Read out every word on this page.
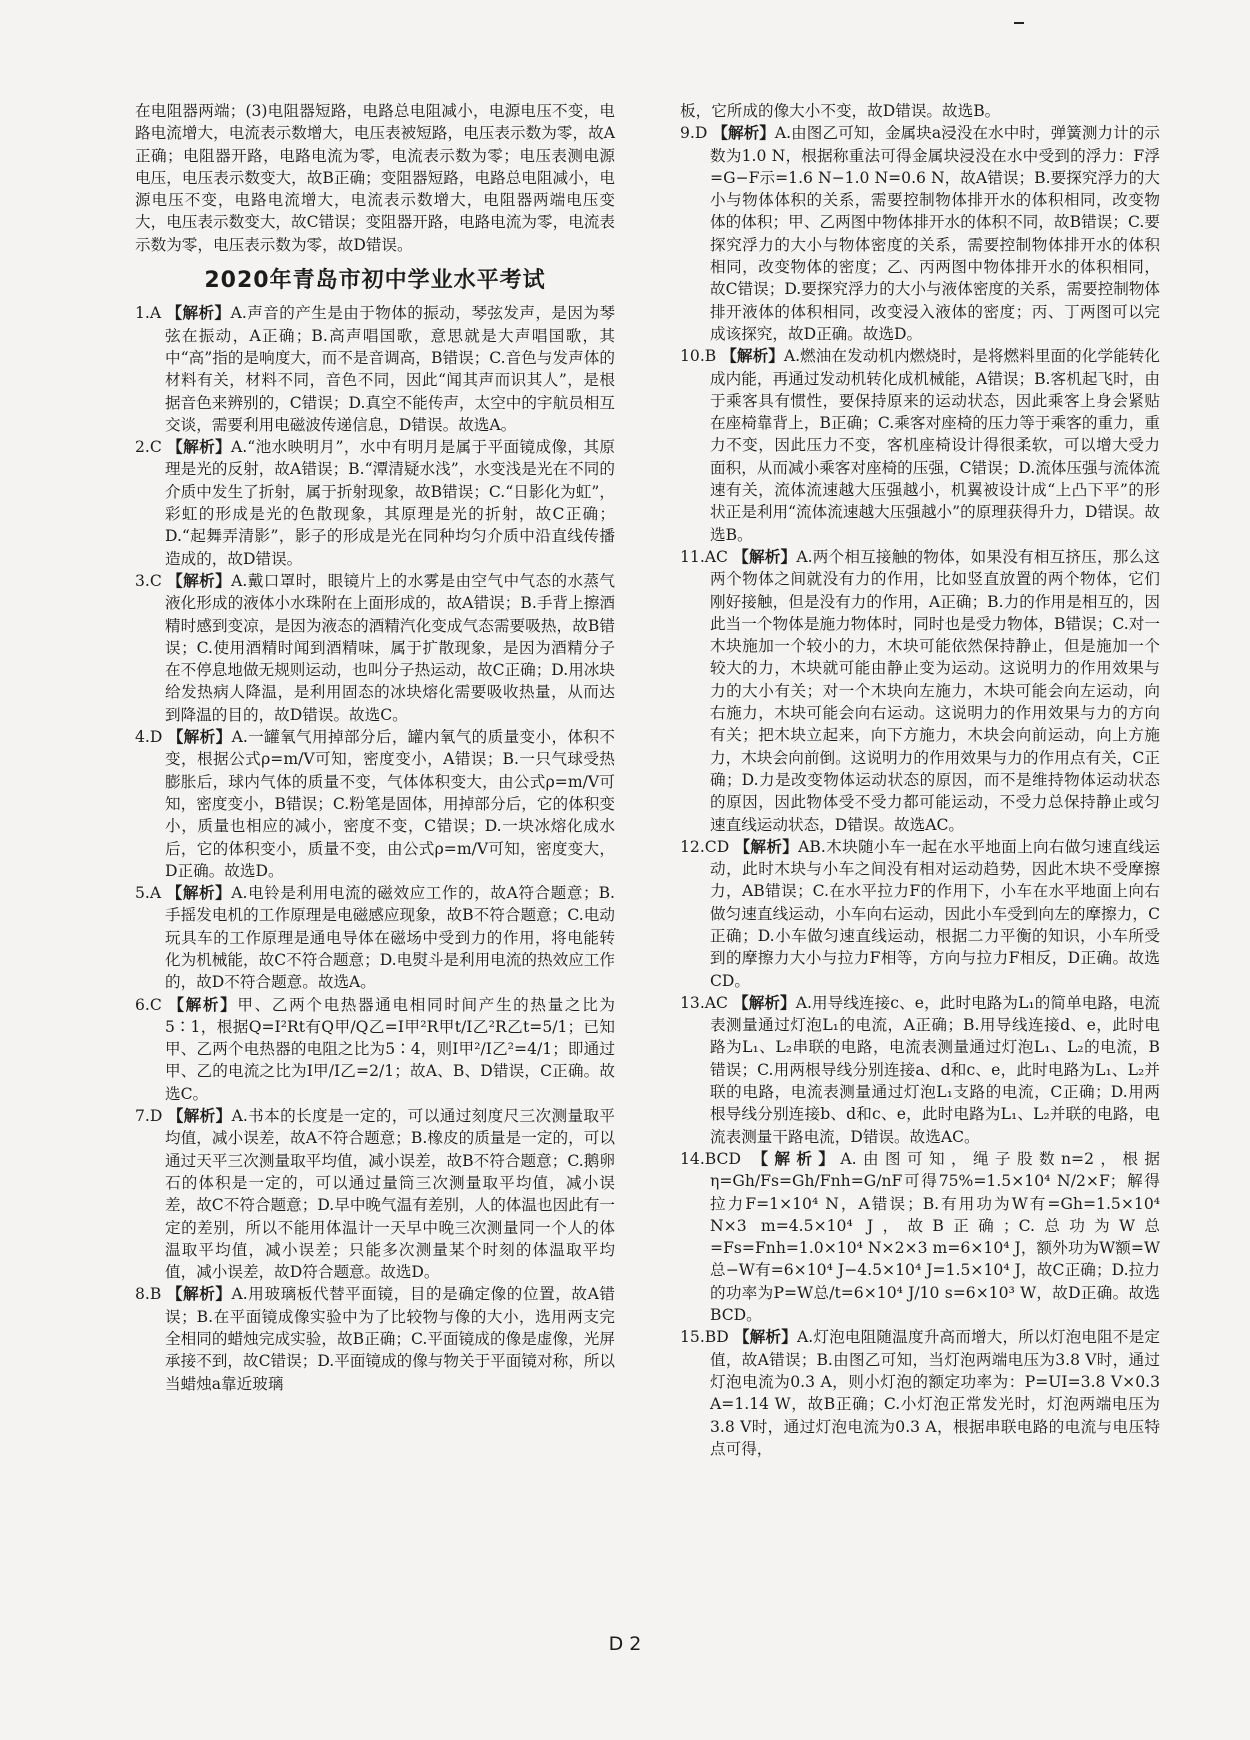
在电阻器两端；(3)电阻器短路，电路总电阻减小，电源电压不变，电路电流增大，电流表示数增大，电压表被短路，电压表示数为零，故A正确；电阻器开路，电路电流为零，电流表示数为零；电压表测电源电压，电压表示数变大，故B正确；变阻器短路，电路总电阻减小，电源电压不变，电路电流增大，电流表示数增大，电阻器两端电压变大，电压表示数变大，故C错误；变阻器开路，电路电流为零，电流表示数为零，电压表示数为零，故D错误。

2020年青岛市初中学业水平考试

1.A 【解析】A.声音的产生是由于物体的振动，琴弦发声，是因为琴弦在振动，A正确；B.高声唱国歌，意思就是大声唱国歌，其中“高”指的是响度大，而不是音调高，B错误；C.音色与发声体的材料有关，材料不同，音色不同，因此“闻其声而识其人”，是根据音色来辨别的，C错误；D.真空不能传声，太空中的宇航员相互交谈，需要利用电磁波传递信息，D错误。故选A。

2.C 【解析】A.“池水映明月”，水中有明月是属于平面镜成像，其原理是光的反射，故A错误；B.“潭清疑水浅”，水变浅是光在不同的介质中发生了折射，属于折射现象，故B错误；C.“日影化为虹”，彩虹的形成是光的色散现象，其原理是光的折射，故C正确；D.“起舞弄清影”，影子的形成是光在同种均匀介质中沿直线传播造成的，故D错误。

3.C 【解析】A.戴口罩时，眼镜片上的水雾是由空气中气态的水蒸气液化形成的液体小水珠附在上面形成的，故A错误；B.手背上擦酒精时感到变凉，是因为液态的酒精汽化变成气态需要吸热，故B错误；C.使用酒精时闻到酒精味，属于扩散现象，是因为酒精分子在不停息地做无规则运动，也叫分子热运动，故C正确；D.用冰块给发热病人降温，是利用固态的冰块熔化需要吸收热量，从而达到降温的目的，故D错误。故选C。

4.D 【解析】A.一罐氧气用掉部分后，罐内氧气的质量变小，体积不变，根据公式ρ=m/V可知，密度变小，A错误；B.一只气球受热膨胀后，球内气体的质量不变，气体体积变大，由公式ρ=m/V可知，密度变小，B错误；C.粉笔是固体，用掉部分后，它的体积变小，质量也相应的减小，密度不变，C错误；D.一块冰熔化成水后，它的体积变小，质量不变，由公式ρ=m/V可知，密度变大，D正确。故选D。

5.A 【解析】A.电铃是利用电流的磁效应工作的，故A符合题意；B.手摇发电机的工作原理是电磁感应现象，故B不符合题意；C.电动玩具车的工作原理是通电导体在磁场中受到力的作用，将电能转化为机械能，故C不符合题意；D.电熨斗是利用电流的热效应工作的，故D不符合题意。故选A。

6.C 【解析】甲、乙两个电热器通电相同时间产生的热量之比为5∶1，根据Q=I²Rt有Q甲/Q乙=I甲²R甲t/I乙²R乙t=5/1；已知甲、乙两个电热器的电阻之比为5∶4，则I甲²/I乙²=4/1；即通过甲、乙的电流之比为I甲/I乙=2/1；故A、B、D错误，C正确。故选C。

7.D 【解析】A.书本的长度是一定的，可以通过刻度尺三次测量取平均值，减小误差，故A不符合题意；B.橡皮的质量是一定的，可以通过天平三次测量取平均值，减小误差，故B不符合题意；C.鹅卵石的体积是一定的，可以通过量筒三次测量取平均值，减小误差，故C不符合题意；D.早中晚气温有差别，人的体温也因此有一定的差别，所以不能用体温计一天早中晚三次测量同一个人的体温取平均值，减小误差；只能多次测量某个时刻的体温取平均值，减小误差，故D符合题意。故选D。

8.B 【解析】A.用玻璃板代替平面镜，目的是确定像的位置，故A错误；B.在平面镜成像实验中为了比较物与像的大小，选用两支完全相同的蜡烛完成实验，故B正确；C.平面镜成的像是虚像，光屏承接不到，故C错误；D.平面镜成的像与物关于平面镜对称，所以当蜡烛a靠近玻璃

板，它所成的像大小不变，故D错误。故选B。

9.D 【解析】A.由图乙可知，金属块a浸没在水中时，弹簧测力计的示数为1.0 N，根据称重法可得金属块浸没在水中受到的浮力：F浮=G−F示=1.6 N−1.0 N=0.6 N，故A错误；B.要探究浮力的大小与物体体积的关系，需要控制物体排开水的体积相同，改变物体的体积；甲、乙两图中物体排开水的体积不同，故B错误；C.要探究浮力的大小与物体密度的关系，需要控制物体排开水的体积相同，改变物体的密度；乙、丙两图中物体排开水的体积相同，故C错误；D.要探究浮力的大小与液体密度的关系，需要控制物体排开液体的体积相同，改变浸入液体的密度；丙、丁两图可以完成该探究，故D正确。故选D。

10.B 【解析】A.燃油在发动机内燃烧时，是将燃料里面的化学能转化成内能，再通过发动机转化成机械能，A错误；B.客机起飞时，由于乘客具有惯性，要保持原来的运动状态，因此乘客上身会紧贴在座椅靠背上，B正确；C.乘客对座椅的压力等于乘客的重力，重力不变，因此压力不变，客机座椅设计得很柔软，可以增大受力面积，从而减小乘客对座椅的压强，C错误；D.流体压强与流体流速有关，流体流速越大压强越小，机翼被设计成“上凸下平”的形状正是利用“流体流速越大压强越小”的原理获得升力，D错误。故选B。

11.AC 【解析】A.两个相互接触的物体，如果没有相互挤压，那么这两个物体之间就没有力的作用，比如竖直放置的两个物体，它们刚好接触，但是没有力的作用，A正确；B.力的作用是相互的，因此当一个物体是施力物体时，同时也是受力物体，B错误；C.对一木块施加一个较小的力，木块可能依然保持静止，但是施加一个较大的力，木块就可能由静止变为运动。这说明力的作用效果与力的大小有关；对一个木块向左施力，木块可能会向左运动，向右施力，木块可能会向右运动。这说明力的作用效果与力的方向有关；把木块立起来，向下方施力，木块会向前运动，向上方施力，木块会向前倒。这说明力的作用效果与力的作用点有关，C正确；D.力是改变物体运动状态的原因，而不是维持物体运动状态的原因，因此物体受不受力都可能运动，不受力总保持静止或匀速直线运动状态，D错误。故选AC。

12.CD 【解析】AB.木块随小车一起在水平地面上向右做匀速直线运动，此时木块与小车之间没有相对运动趋势，因此木块不受摩擦力，AB错误；C.在水平拉力F的作用下，小车在水平地面上向右做匀速直线运动，小车向右运动，因此小车受到向左的摩擦力，C正确；D.小车做匀速直线运动，根据二力平衡的知识，小车所受到的摩擦力大小与拉力F相等，方向与拉力F相反，D正确。故选CD。

13.AC 【解析】A.用导线连接c、e，此时电路为L₁的简单电路，电流表测量通过灯泡L₁的电流，A正确；B.用导线连接d、e，此时电路为L₁、L₂串联的电路，电流表测量通过灯泡L₁、L₂的电流，B错误；C.用两根导线分别连接a、d和c、e，此时电路为L₁、L₂并联的电路，电流表测量通过灯泡L₁支路的电流，C正确；D.用两根导线分别连接b、d和c、e，此时电路为L₁、L₂并联的电路，电流表测量干路电流，D错误。故选AC。

14.BCD 【解析】A.由图可知，绳子股数n=2，根据η=Gh/Fs=Gh/Fnh=G/nF可得75%=1.5×10⁴ N/2×F；解得拉力F=1×10⁴ N，A错误；B.有用功为W有=Gh=1.5×10⁴ N×3 m=4.5×10⁴ J，故B正确；C.总功为W总=Fs=Fnh=1.0×10⁴ N×2×3 m=6×10⁴ J，额外功为W额=W总−W有=6×10⁴ J−4.5×10⁴ J=1.5×10⁴ J，故C正确；D.拉力的功率为P=W总/t=6×10⁴ J/10 s=6×10³ W，故D正确。故选BCD。

15.BD 【解析】A.灯泡电阻随温度升高而增大，所以灯泡电阻不是定值，故A错误；B.由图乙可知，当灯泡两端电压为3.8 V时，通过灯泡电流为0.3 A，则小灯泡的额定功率为：P=UI=3.8 V×0.3 A=1.14 W，故B正确；C.小灯泡正常发光时，灯泡两端电压为3.8 V时，通过灯泡电流为0.3 A，根据串联电路的电流与电压特点可得，

D 2
